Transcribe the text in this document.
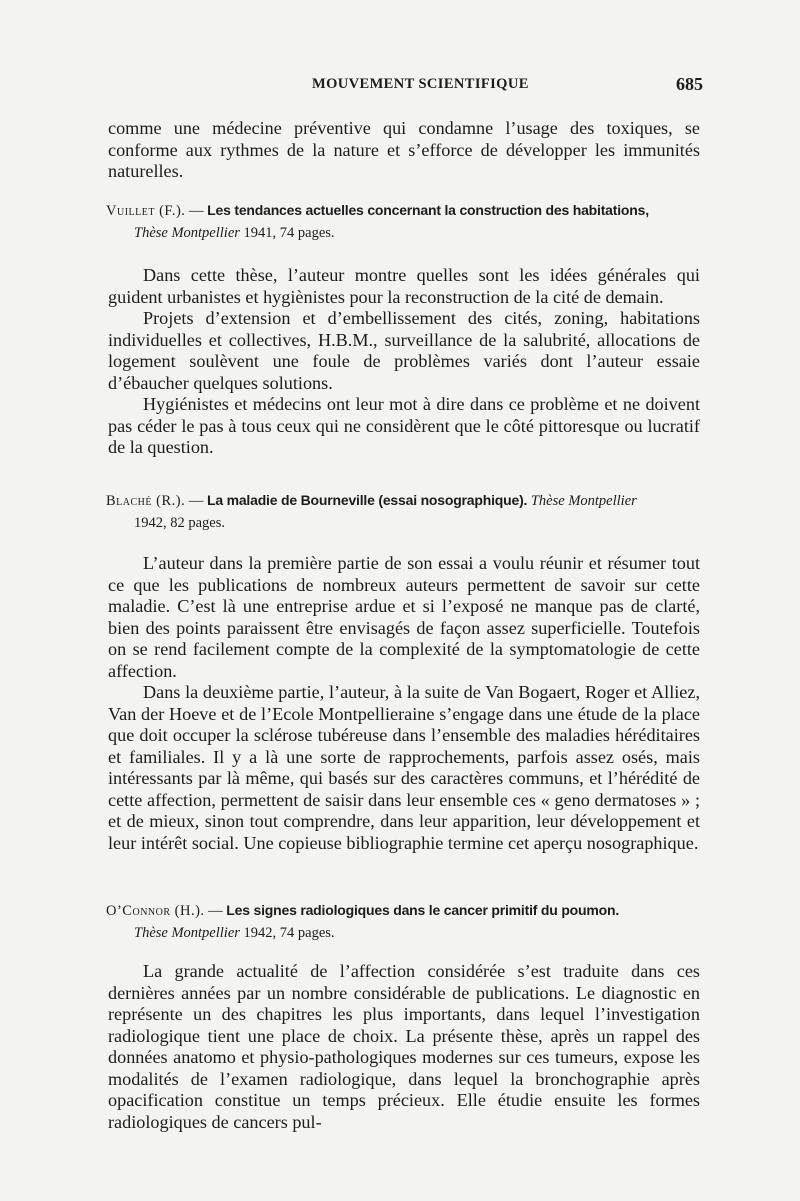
MOUVEMENT SCIENTIFIQUE	685

comme une médecine préventive qui condamne l’usage des toxiques, se conforme aux rythmes de la nature et s’efforce de développer les immunités naturelles.

Vuillet (F.). — Les tendances actuelles concernant la construction des habitations,
Thèse Montpellier 1941, 74 pages.

Dans cette thèse, l’auteur montre quelles sont les idées générales qui guident urbanistes et hygiènistes pour la reconstruction de la cité de demain.

Projets d’extension et d’embellissement des cités, zoning, habitations individuelles et collectives, H.B.M., surveillance de la salubrité, allocations de logement soulèvent une foule de problèmes variés dont l’auteur essaie d’ébaucher quelques solutions.

Hygiénistes et médecins ont leur mot à dire dans ce problème et ne doivent pas céder le pas à tous ceux qui ne considèrent que le côté pittoresque ou lucratif de la question.

Blaché (R.). — La maladie de Bourneville (essai nosographique). Thèse Montpellier
1942, 82 pages.

L’auteur dans la première partie de son essai a voulu réunir et résumer tout ce que les publications de nombreux auteurs permettent de savoir sur cette maladie. C’est là une entreprise ardue et si l’exposé ne manque pas de clarté, bien des points paraissent être envisagés de façon assez superficielle. Toutefois on se rend facilement compte de la complexité de la symptomatologie de cette affection.

Dans la deuxième partie, l’auteur, à la suite de Van Bogaert, Roger et Alliez, Van der Hoeve et de l’Ecole Montpellieraine s’engage dans une étude de la place que doit occuper la sclérose tubéreuse dans l’ensemble des maladies héréditaires et familiales. Il y a là une sorte de rapprochements, parfois assez osés, mais intéressants par là même, qui basés sur des caractères communs, et l’hérédité de cette affection, permettent de saisir dans leur ensemble ces « geno dermatoses » ; et de mieux, sinon tout comprendre, dans leur apparition, leur développement et leur intérêt social. Une copieuse bibliographie termine cet aperçu nosographique.

O’Connor (H.). — Les signes radiologiques dans le cancer primitif du poumon.
Thèse Montpellier 1942, 74 pages.

La grande actualité de l’affection considérée s’est traduite dans ces dernières années par un nombre considérable de publications. Le diagnostic en représente un des chapitres les plus importants, dans lequel l’investigation radiologique tient une place de choix. La présente thèse, après un rappel des données anatomo et physio-pathologiques modernes sur ces tumeurs, expose les modalités de l’examen radiologique, dans lequel la bronchographie après opacification constitue un temps précieux. Elle étudie ensuite les formes radiologiques de cancers pul-
